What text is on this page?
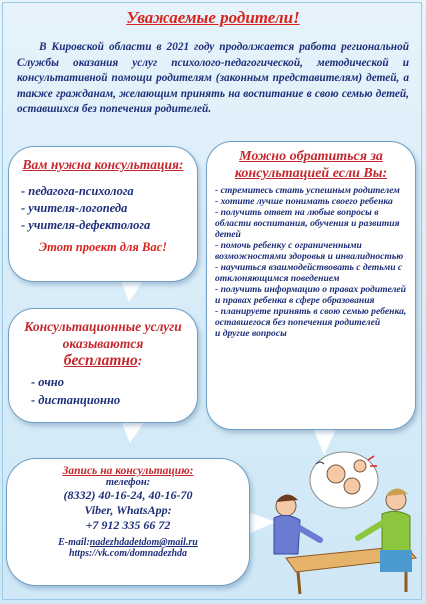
Уважаемые родители!

В Кировской области в 2021 году продолжается работа региональной Службы оказания услуг психолого-педагогической, методической и консультативной помощи родителям (законным представителям) детей, а также гражданам, желающим принять на воспитание в свою семью детей, оставшихся без попечения родителей.

Вам нужна консультация:
- педагога-психолога
- учителя-логопеда
- учителя-дефектолога
Этот проект для Вас!
Можно обратиться за консультацией если Вы:
- стремитесь стать успешным родителем
- хотите лучше понимать своего ребенка
- получить ответ на любые вопросы в области воспитания, обучения и развития детей
- помочь ребенку с ограниченными возможностями здоровья и инвалидностью
- научиться взаимодействовать с детьми с отклоняющимся поведением
- получить информацию о правах родителей и правах ребенка в сфере образования
- планируете принять в свою семью ребенка, оставшегося без попечения родителей
и другие вопросы
Консультационные услуги оказываются
бесплатно:
- очно
- дистанционно
Запись на консультацию:
телефон:
(8332) 40-16-24, 40-16-70
Viber, WhatsApp:
+7 912 335 66 72
E-mail:nadezhdadetdom@mail.ru
https://vk.com/domnadezhda
